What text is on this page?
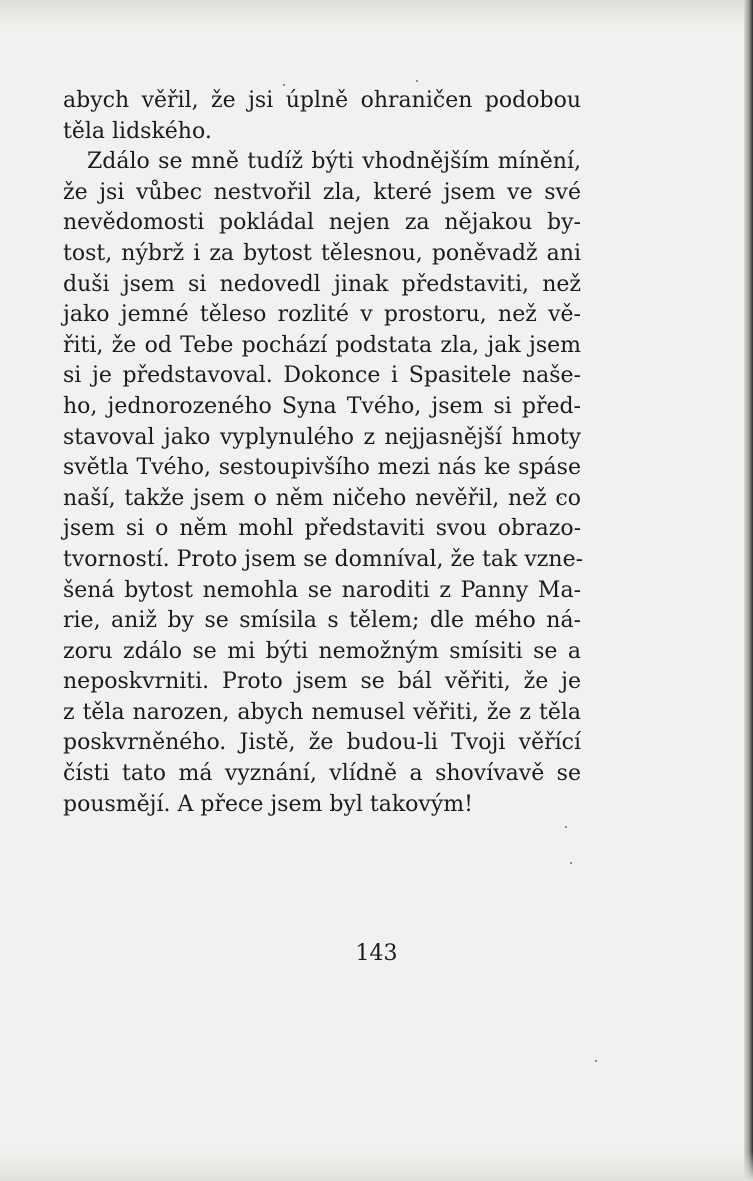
abych věřil, že jsi úplně ohraničen podobou
těla lidského.
Zdálo se mně tudíž býti vhodnějším mínění,
že jsi vůbec nestvořil zla, které jsem ve své
nevědomosti pokládal nejen za nějakou by-
tost, nýbrž i za bytost tělesnou, poněvadž ani
duši jsem si nedovedl jinak představiti, než
jako jemné těleso rozlité v prostoru, než vě-
řiti, že od Tebe pochází podstata zla, jak jsem
si je představoval. Dokonce i Spasitele naše-
ho, jednorozeného Syna Tvého, jsem si před-
stavoval jako vyplynulého z nejjasnější hmoty
světla Tvého, sestoupivšího mezi nás ke spáse
naší, takže jsem o něm ničeho nevěřil, než co
jsem si o něm mohl představiti svou obrazo-
tvorností. Proto jsem se domníval, že tak vzne-
šená bytost nemohla se naroditi z Panny Ma-
rie, aniž by se smísila s tělem; dle mého ná-
zoru zdálo se mi býti nemožným smísiti se a
neposkvrniti. Proto jsem se bál věřiti, že je
z těla narozen, abych nemusel věřiti, že z těla
poskvrněného. Jistě, že budou-li Tvoji věřící
čísti tato má vyznání, vlídně a shovívavě se
pousmějí. A přece jsem byl takovým!
143
